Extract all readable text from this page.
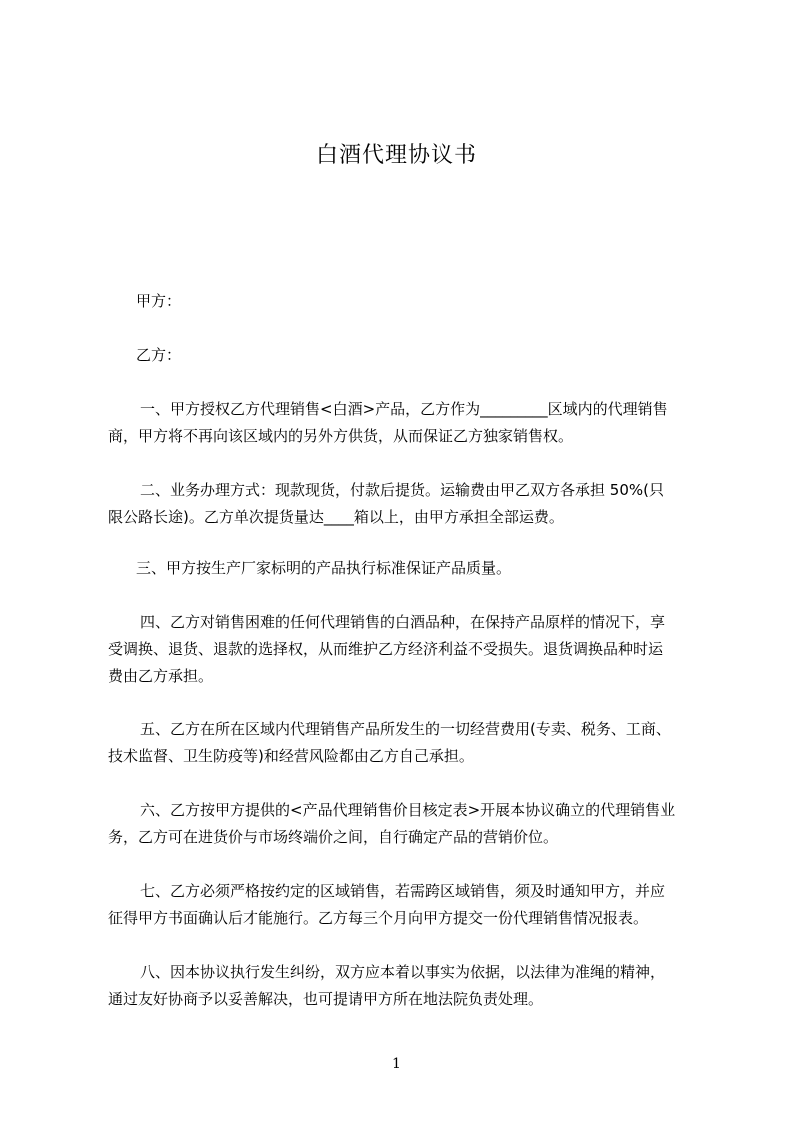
白酒代理协议书
甲方：
乙方：
一、甲方授权乙方代理销售<白酒>产品，乙方作为_________区域内的代理销售
商，甲方将不再向该区域内的另外方供货，从而保证乙方独家销售权。
二、业务办理方式：现款现货，付款后提货。运输费由甲乙双方各承担 50%(只
限公路长途)。乙方单次提货量达____箱以上，由甲方承担全部运费。
三、甲方按生产厂家标明的产品执行标准保证产品质量。
四、乙方对销售困难的任何代理销售的白酒品种，在保持产品原样的情况下，享
受调换、退货、退款的选择权，从而维护乙方经济利益不受损失。退货调换品种时运
费由乙方承担。
五、乙方在所在区域内代理销售产品所发生的一切经营费用(专卖、税务、工商、
技术监督、卫生防疫等)和经营风险都由乙方自己承担。
六、乙方按甲方提供的<产品代理销售价目核定表>开展本协议确立的代理销售业
务，乙方可在进货价与市场终端价之间，自行确定产品的营销价位。
七、乙方必须严格按约定的区域销售，若需跨区域销售，须及时通知甲方，并应
征得甲方书面确认后才能施行。乙方每三个月向甲方提交一份代理销售情况报表。
八、因本协议执行发生纠纷，双方应本着以事实为依据，以法律为准绳的精神，
通过友好协商予以妥善解决，也可提请甲方所在地法院负责处理。
1
